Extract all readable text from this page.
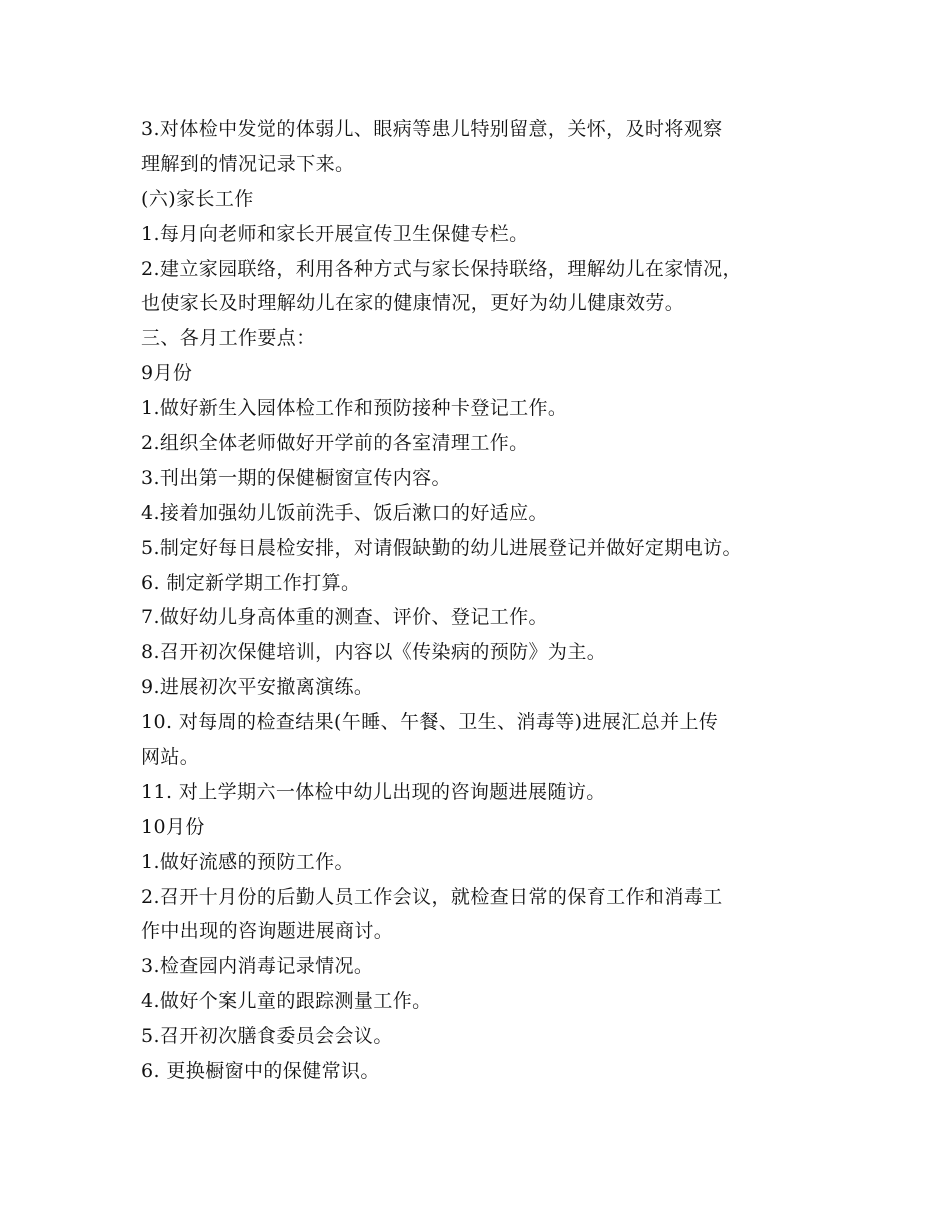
3.对体检中发觉的体弱儿、眼病等患儿特别留意，关怀，及时将观察
理解到的情况记录下来。
(六)家长工作
1.每月向老师和家长开展宣传卫生保健专栏。
2.建立家园联络，利用各种方式与家长保持联络，理解幼儿在家情况，
也使家长及时理解幼儿在家的健康情况，更好为幼儿健康效劳。
三、各月工作要点：
9月份
1.做好新生入园体检工作和预防接种卡登记工作。
2.组织全体老师做好开学前的各室清理工作。
3.刊出第一期的保健橱窗宣传内容。
4.接着加强幼儿饭前洗手、饭后漱口的好适应。
5.制定好每日晨检安排，对请假缺勤的幼儿进展登记并做好定期电访。
6. 制定新学期工作打算。
7.做好幼儿身高体重的测查、评价、登记工作。
8.召开初次保健培训，内容以《传染病的预防》为主。
9.进展初次平安撤离演练。
10. 对每周的检查结果(午睡、午餐、卫生、消毒等)进展汇总并上传
网站。
11. 对上学期六一体检中幼儿出现的咨询题进展随访。
10月份
1.做好流感的预防工作。
2.召开十月份的后勤人员工作会议，就检查日常的保育工作和消毒工
作中出现的咨询题进展商讨。
3.检查园内消毒记录情况。
4.做好个案儿童的跟踪测量工作。
5.召开初次膳食委员会会议。
6. 更换橱窗中的保健常识。
